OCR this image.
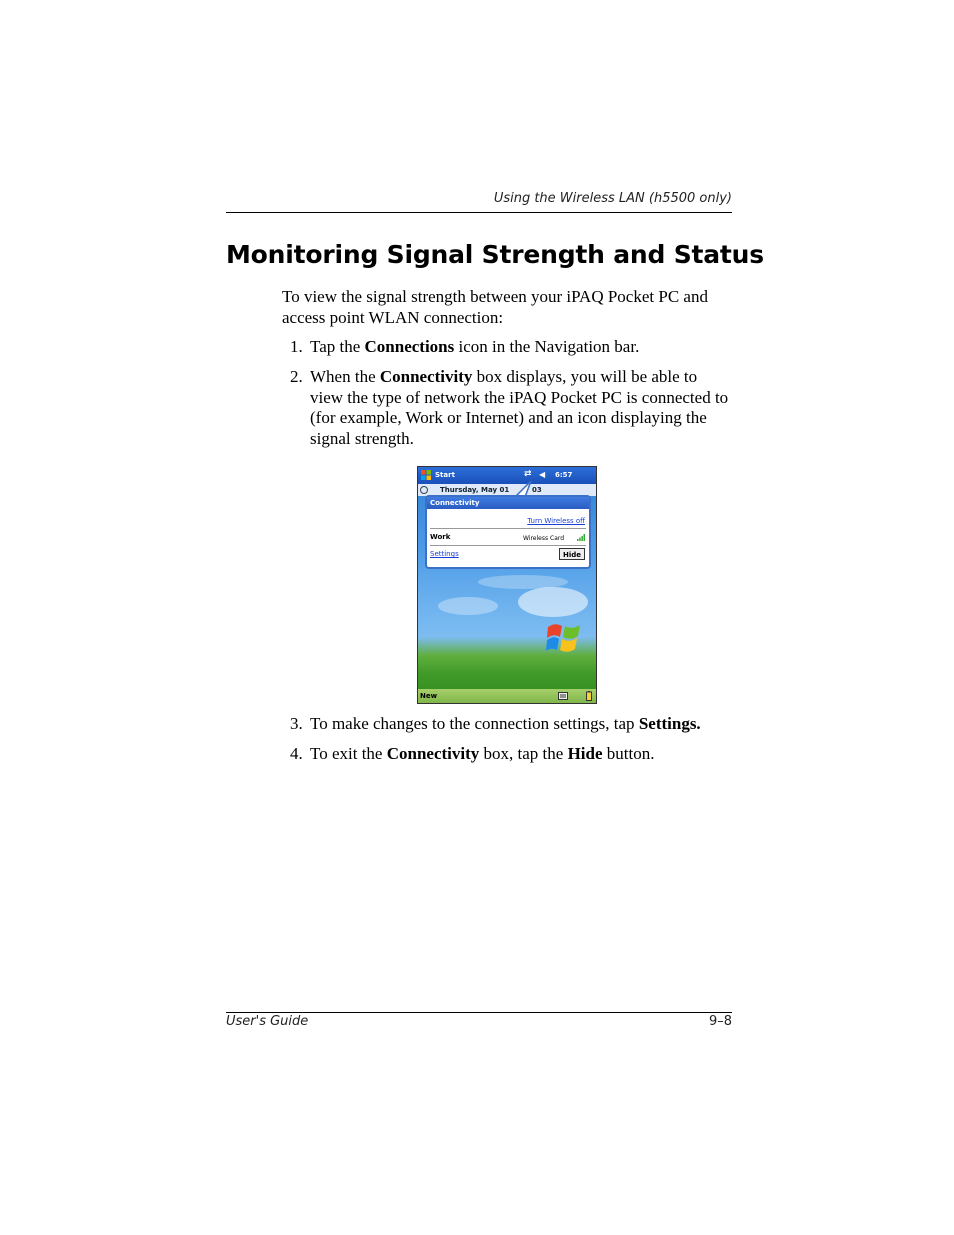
Using the Wireless LAN (h5500 only)
Monitoring Signal Strength and Status

To view the signal strength between your iPAQ Pocket PC and access point WLAN connection:

1. Tap the Connections icon in the Navigation bar.

2. When the Connectivity box displays, you will be able to view the type of network the iPAQ Pocket PC is connected to (for example, Work or Internet) and an icon displaying the signal strength.

Start	⇄ ◀ 6:57
Thursday, May 01	03
Connectivity
Turn Wireless off
Work	Wireless Card
Settings	Hide
New

3. To make changes to the connection settings, tap Settings.

4. To exit the Connectivity box, tap the Hide button.

User's Guide	9–8
